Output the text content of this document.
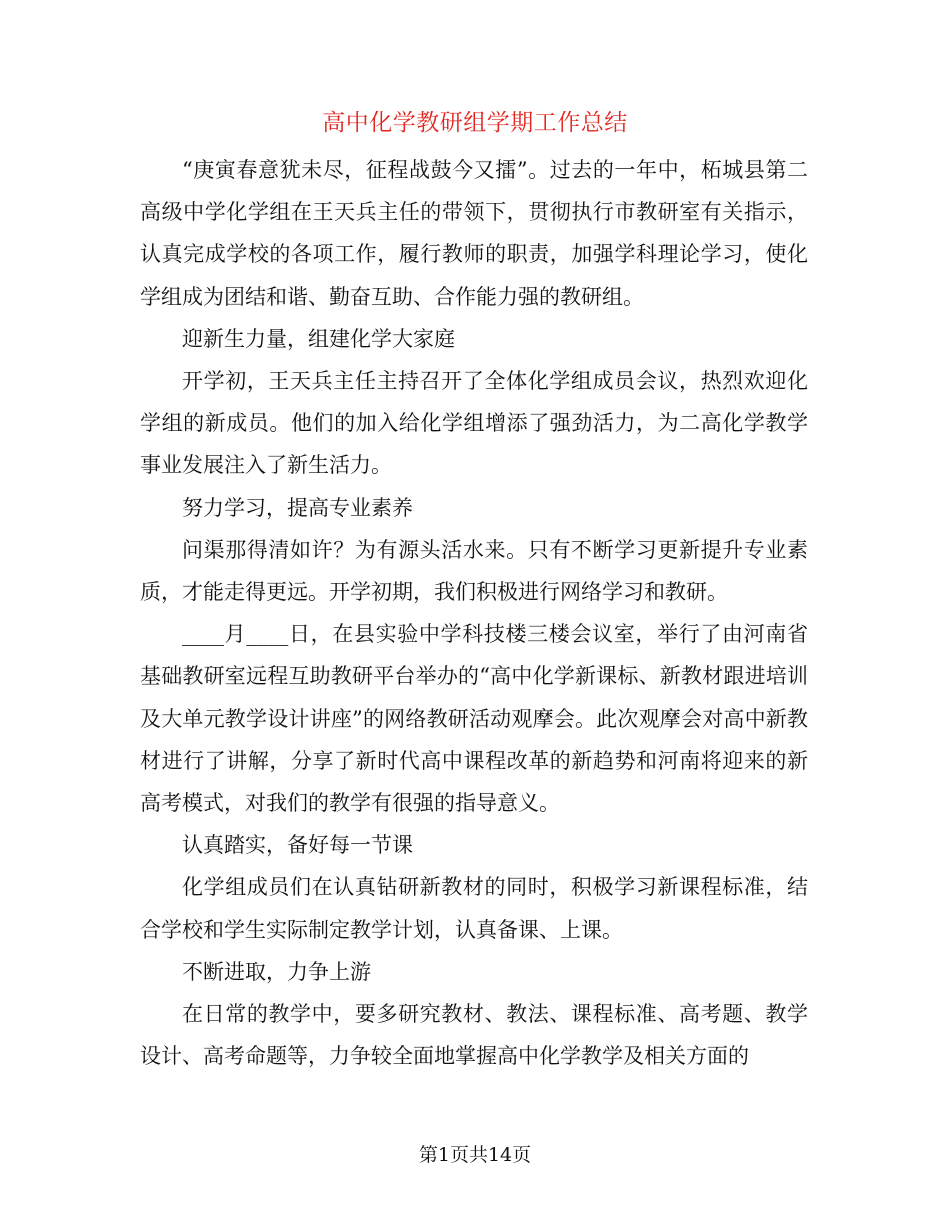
高中化学教研组学期工作总结

“庚寅春意犹未尽，征程战鼓今又擂”。过去的一年中，柘城县第二高级中学化学组在王天兵主任的带领下，贯彻执行市教研室有关指示，认真完成学校的各项工作，履行教师的职责，加强学科理论学习，使化学组成为团结和谐、勤奋互助、合作能力强的教研组。

迎新生力量，组建化学大家庭

开学初，王天兵主任主持召开了全体化学组成员会议，热烈欢迎化学组的新成员。他们的加入给化学组增添了强劲活力，为二高化学教学事业发展注入了新生活力。

努力学习，提高专业素养

问渠那得清如许？为有源头活水来。只有不断学习更新提升专业素质，才能走得更远。开学初期，我们积极进行网络学习和教研。

____月____日，在县实验中学科技楼三楼会议室，举行了由河南省基础教研室远程互助教研平台举办的“高中化学新课标、新教材跟进培训及大单元教学设计讲座”的网络教研活动观摩会。此次观摩会对高中新教材进行了讲解，分享了新时代高中课程改革的新趋势和河南将迎来的新高考模式，对我们的教学有很强的指导意义。

认真踏实，备好每一节课

化学组成员们在认真钻研新教材的同时，积极学习新课程标准，结合学校和学生实际制定教学计划，认真备课、上课。

不断进取，力争上游

在日常的教学中，要多研究教材、教法、课程标准、高考题、教学设计、高考命题等，力争较全面地掌握高中化学教学及相关方面的

第1页共14页
